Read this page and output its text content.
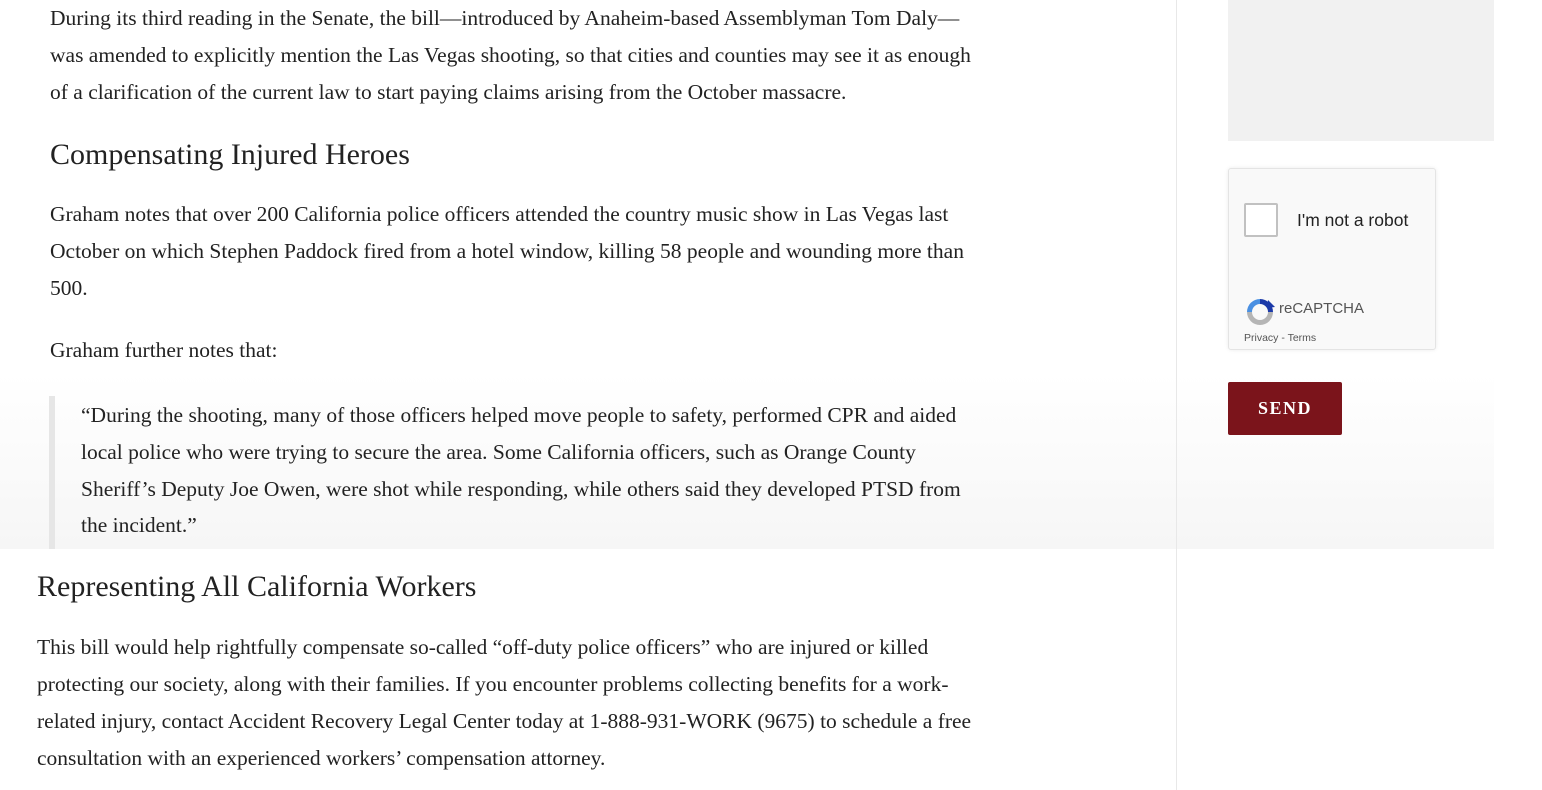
During its third reading in the Senate, the bill—introduced by Anaheim-based Assemblyman Tom Daly—

was amended to explicitly mention the Las Vegas shooting, so that cities and counties may see it as enough

of a clarification of the current law to start paying claims arising from the October massacre.

Compensating Injured Heroes

Graham notes that over 200 California police officers attended the country music show in Las Vegas last

October on which Stephen Paddock fired from a hotel window, killing 58 people and wounding more than

500.

Graham further notes that:

“During the shooting, many of those officers helped move people to safety, performed CPR and aided

local police who were trying to secure the area. Some California officers, such as Orange County

Sheriff’s Deputy Joe Owen, were shot while responding, while others said they developed PTSD from

the incident.”

Representing All California Workers

This bill would help rightfully compensate so-called “off-duty police officers” who are injured or killed

protecting our society, along with their families. If you encounter problems collecting benefits for a work-

related injury, contact Accident Recovery Legal Center today at 1-888-931-WORK (9675) to schedule a free

consultation with an experienced workers’ compensation attorney.

I'm not a robot
reCAPTCHA
Privacy - Terms
SEND
